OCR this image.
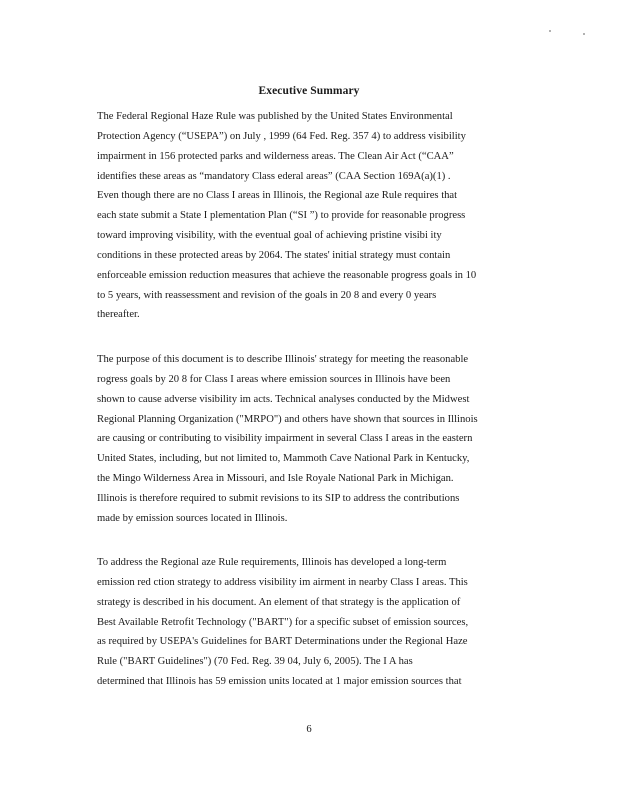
Executive Summary
The Federal Regional Haze Rule was published by the United States Environmental
Protection Agency (“USEPA”) on July , 1999 (64 Fed. Reg. 357 4) to address visibility
impairment in 156 protected parks and wilderness areas. The Clean Air Act (“CAA”
identifies these areas as “mandatory Class ederal areas” (CAA Section 169A(a)(1) .
Even though there are no Class I areas in Illinois, the Regional aze Rule requires that
each state submit a State I plementation Plan (“SI ”) to provide for reasonable progress
toward improving visibility, with the eventual goal of achieving pristine visibi ity
conditions in these protected areas by 2064. The states' initial strategy must contain
enforceable emission reduction measures that achieve the reasonable progress goals in 10
to 5 years, with reassessment and revision of the goals in 20 8 and every 0 years
thereafter.
The purpose of this document is to describe Illinois' strategy for meeting the reasonable
rogress goals by 20 8 for Class I areas where emission sources in Illinois have been
shown to cause adverse visibility im acts. Technical analyses conducted by the Midwest
Regional Planning Organization ("MRPO") and others have shown that sources in Illinois
are causing or contributing to visibility impairment in several Class I areas in the eastern
United States, including, but not limited to, Mammoth Cave National Park in Kentucky,
the Mingo Wilderness Area in Missouri, and Isle Royale National Park in Michigan.
Illinois is therefore required to submit revisions to its SIP to address the contributions
made by emission sources located in Illinois.
To address the Regional aze Rule requirements, Illinois has developed a long-term
emission red ction strategy to address visibility im airment in nearby Class I areas. This
strategy is described in his document. An element of that strategy is the application of
Best Available Retrofit Technology ("BART") for a specific subset of emission sources,
as required by USEPA's Guidelines for BART Determinations under the Regional Haze
Rule ("BART Guidelines") (70 Fed. Reg. 39 04, July 6, 2005). The I A has
determined that Illinois has 59 emission units located at 1 major emission sources that
6
